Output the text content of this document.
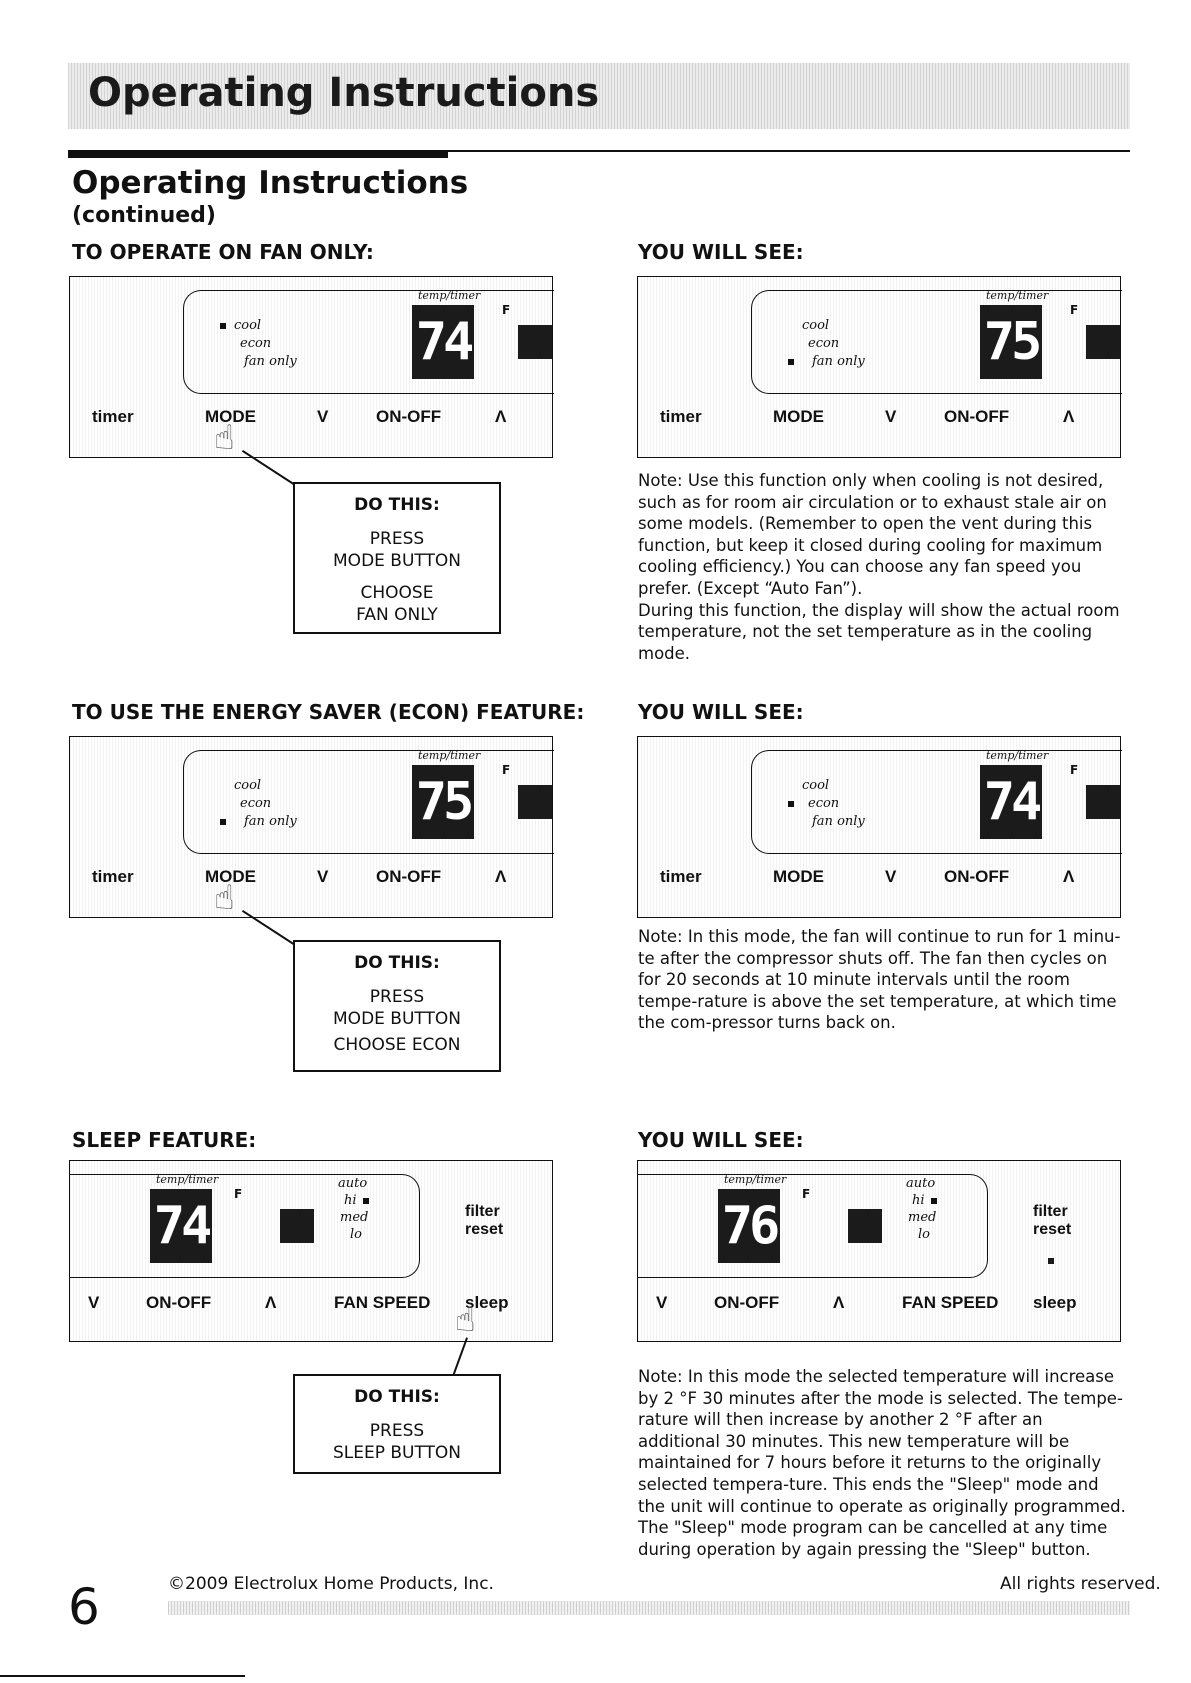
Operating Instructions
Operating Instructions
(continued)
TO OPERATE ON FAN ONLY:	YOU WILL SEE:
TO USE THE ENERGY SAVER (ECON) FEATURE:	YOU WILL SEE:
SLEEP FEATURE:	YOU WILL SEE:
cool
econ
fan only
temp/timer
74
F
timer	MODE	V	ON-OFF	Λ
cool
econ
fan only
temp/timer
75
F
timer	MODE	V	ON-OFF	Λ
cool
econ
fan only
temp/timer
75
F
timer	MODE	V	ON-OFF	Λ
cool
econ
fan only
temp/timer
74
F
timer	MODE	V	ON-OFF	Λ
temp/timer
74
F
auto
hi
med
lo
filter
reset
V	ON-OFF	Λ	FAN SPEED sleep
temp/timer
76
F
auto
hi
med
lo
filter
reset
V	ON-OFF	Λ	FAN SPEED sleep
☝
☝
☝
DO THIS:
PRESS
MODE BUTTON
CHOOSE
FAN ONLY
DO THIS:
PRESS
MODE BUTTON
CHOOSE ECON
DO THIS:
PRESS
SLEEP BUTTON

Note: Use this function only when cooling is not desired, such as for room air circulation or to exhaust stale air on some models. (Remember to open the vent during this function, but keep it closed during cooling for maximum cooling efficiency.) You can choose any fan speed you prefer. (Except “Auto Fan”).

During this function, the display will show the actual room temperature, not the set temperature as in the cooling mode.

Note: In this mode, the fan will continue to run for 1 minu-te after the compressor shuts off. The fan then cycles on for 20 seconds at 10 minute intervals until the room tempe-rature is above the set temperature, at which time the com-pressor turns back on.

Note: In this mode the selected temperature will increase by 2 °F 30 minutes after the mode is selected. The tempe-rature will then increase by another 2 °F after an additional 30 minutes. This new temperature will be maintained for 7 hours before it returns to the originally selected tempera-ture. This ends the "Sleep" mode and the unit will continue to operate as originally programmed. The "Sleep" mode program can be cancelled at any time during operation by again pressing the "Sleep" button.

6	©2009 Electrolux Home Products, Inc.	All rights reserved.
